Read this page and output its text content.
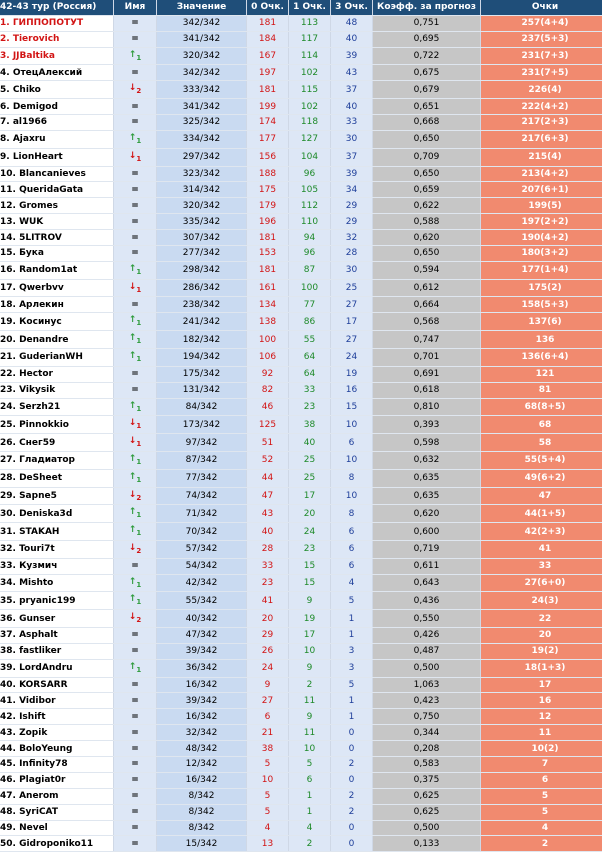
42-43 тур (Россия)	Имя	Значение	0 Очк.	1 Очк.	3 Очк.	Коэфф. за прогноз	Очки
1. ГИППОПОТУТ	=	342/342	181	113	48	0,751	257(4+4)
2. Tierovich	=	341/342	184	117	40	0,695	237(5+3)
3. JJBaltika	$↑_1$	320/342	167	114	39	0,722	231(7+3)
4. ОтецАлексий	=	342/342	197	102	43	0,675	231(7+5)
5. Chiko	$↓_2$	333/342	181	115	37	0,679	226(4)
6. Demigod	=	341/342	199	102	40	0,651	222(4+2)
7. al1966	=	325/342	174	118	33	0,668	217(2+3)
8. Ajaxru	$↑_1$	334/342	177	127	30	0,650	217(6+3)
9. LionHeart	$↓_1$	297/342	156	104	37	0,709	215(4)
10. Blancanieves	=	323/342	188	96	39	0,650	213(4+2)
11. QueridaGata	=	314/342	175	105	34	0,659	207(6+1)
12. Gromes	=	320/342	179	112	29	0,622	199(5)
13. WUK	=	335/342	196	110	29	0,588	197(2+2)
14. 5LITROV	=	307/342	181	94	32	0,620	190(4+2)
15. Бука	=	277/342	153	96	28	0,650	180(3+2)
16. Random1at	$↑_1$	298/342	181	87	30	0,594	177(1+4)
17. Qwerbvv	$↓_1$	286/342	161	100	25	0,612	175(2)
18. Арлекин	=	238/342	134	77	27	0,664	158(5+3)
19. Косинус	$↑_1$	241/342	138	86	17	0,568	137(6)
20. Denandre	$↑_1$	182/342	100	55	27	0,747	136
21. GuderianWH	$↑_1$	194/342	106	64	24	0,701	136(6+4)
22. Hector	=	175/342	92	64	19	0,691	121
23. Vikysik	=	131/342	82	33	16	0,618	81
24. Serzh21	$↑_1$	84/342	46	23	15	0,810	68(8+5)
25. Pinnokkio	$↓_1$	173/342	125	38	10	0,393	68
26. Снег59	$↓_1$	97/342	51	40	6	0,598	58
27. Гладиатор	$↑_1$	87/342	52	25	10	0,632	55(5+4)
28. DeSheet	$↑_1$	77/342	44	25	8	0,635	49(6+2)
29. Sapne5	$↓_2$	74/342	47	17	10	0,635	47
30. Deniska3d	$↑_1$	71/342	43	20	8	0,620	44(1+5)
31. STAKAH	$↑_1$	70/342	40	24	6	0,600	42(2+3)
32. Touri7t	$↓_2$	57/342	28	23	6	0,719	41
33. Кузмич	=	54/342	33	15	6	0,611	33
34. Mishto	$↑_1$	42/342	23	15	4	0,643	27(6+0)
35. pryanic199	$↑_1$	55/342	41	9	5	0,436	24(3)
36. Gunser	$↓_2$	40/342	20	19	1	0,550	22
37. Asphalt	=	47/342	29	17	1	0,426	20
38. fastliker	=	39/342	26	10	3	0,487	19(2)
39. LordAndru	$↑_1$	36/342	24	9	3	0,500	18(1+3)
40. KORSARR	=	16/342	9	2	5	1,063	17
41. Vidibor	=	39/342	27	11	1	0,423	16
42. Ishift	=	16/342	6	9	1	0,750	12
43. Zopik	=	32/342	21	11	0	0,344	11
44. BoloYeung	=	48/342	38	10	0	0,208	10(2)
45. Infinity78	=	12/342	5	5	2	0,583	7
46. Plagiat0r	=	16/342	10	6	0	0,375	6
47. Anerom	=	8/342	5	1	2	0,625	5
48. SyriCAT	=	8/342	5	1	2	0,625	5
49. Nevel	=	8/342	4	4	0	0,500	4
50. Gidroponiko11	=	15/342	13	2	0	0,133	2
